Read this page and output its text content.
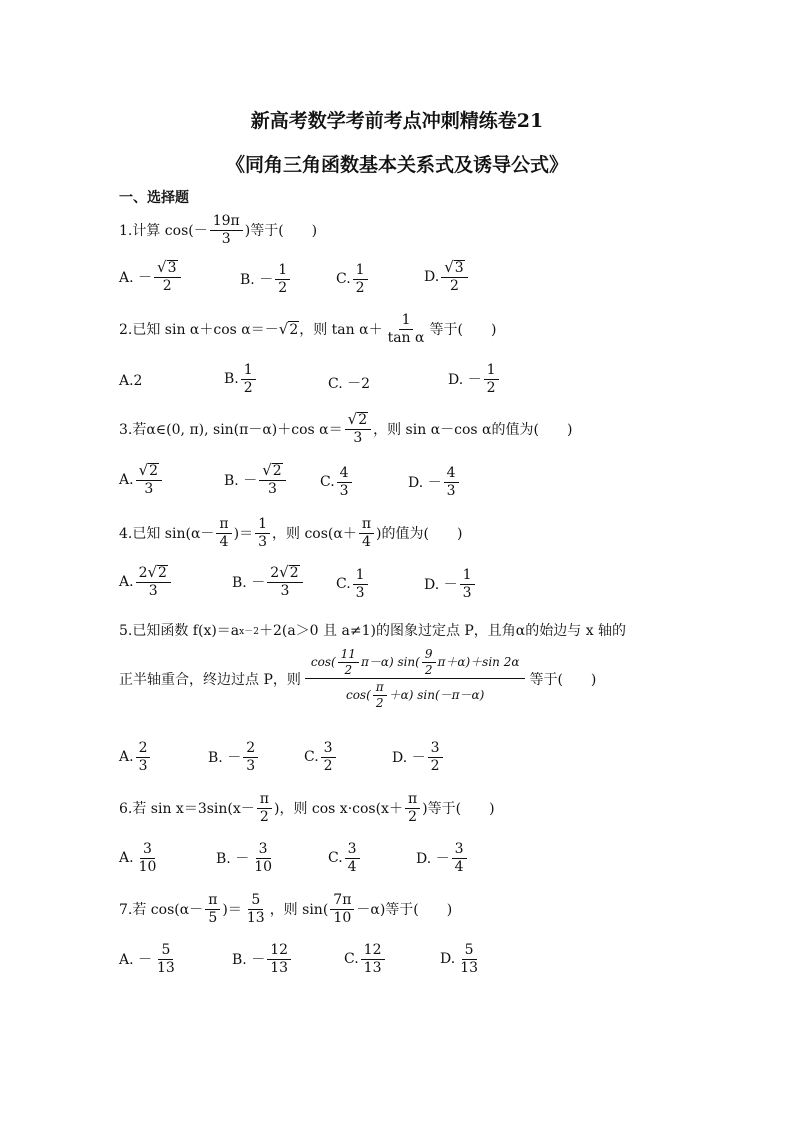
新高考数学考前考点冲刺精练卷21
《同角三角函数基本关系式及诱导公式》
一、选择题
1.计算 $\cos(- \frac{19\pi}{3}$ )等于(　　)
A. － $\frac{√ 3}{2}$	B. － $\frac{1}{2}$	C. $\frac{1}{2}$	D. $\frac{√ 3}{2}$
2.已知 sin α＋cos α＝－ √ 2 ，则 $\tan \alpha+ \frac{1}{\text{tan α}}$ 等于(　　)
A.2	B. $\frac{1}{2}$	C. －2	D. － $\frac{1}{2}$
3.若α∈(0, π), sin(π－α)＋cos $\alpha= \frac{√ 2}{3}$ ，则 sin α－cos α的值为(　　)
A. $\frac{√ 2}{3}$	B. － $\frac{√ 2}{3} C$. $\frac{4}{3}$	D. － $\frac{4}{3}$
4.已知 $\sin(\alpha- \frac{\pi}{4}$ )＝ $\frac{1}{3}$ ，则 $\cos(\alpha+ \frac{\pi}{4}$ )的值为(　　)
A. $\frac{2 √ 2}{3}$	B. － $\frac{2 √ 2}{3} C$. $\frac{1}{3}$	D. － $\frac{1}{3}$
5.已知函数 f(x)＝a x－2 ＋2(a＞0 且 a≠1)的图象过定点 P，且角α的始边与 x 轴的
正半轴重合，终边过点 P，则
$\cos( \frac{11}{2} \pi-\alpha)$ $\sin( \frac{9}{2} \pi+\alpha)+\sin$ 2α
$\cos( \frac{\pi}{2} +\alpha)$ sin(－π－α)
等于(　　)
A. $\frac{2}{3}$	B. － $\frac{2}{3}$	C. $\frac{3}{2}$	D. － $\frac{3}{2}$
6.若 $\sin x=3\sin(x- \frac{\pi}{2}$ )，则 $\cos x\cdot\cos(x+ \frac{\pi}{2}$ )等于(　　)
A. $\frac{3}{10}$	B. － $\frac{3}{10}$	C. $\frac{3}{4}$	D. － $\frac{3}{4}$
7.若 $\cos(\alpha- \frac{\pi}{5}$ )＝ $\frac{5}{13}$ ，则 $\sin( \frac{7\pi}{10} -\alpha)$等于(　　)
A. － $\frac{5}{13}$	B. － $\frac{12}{13}$	C. $\frac{12}{13}$	D. $\frac{5}{13}$
